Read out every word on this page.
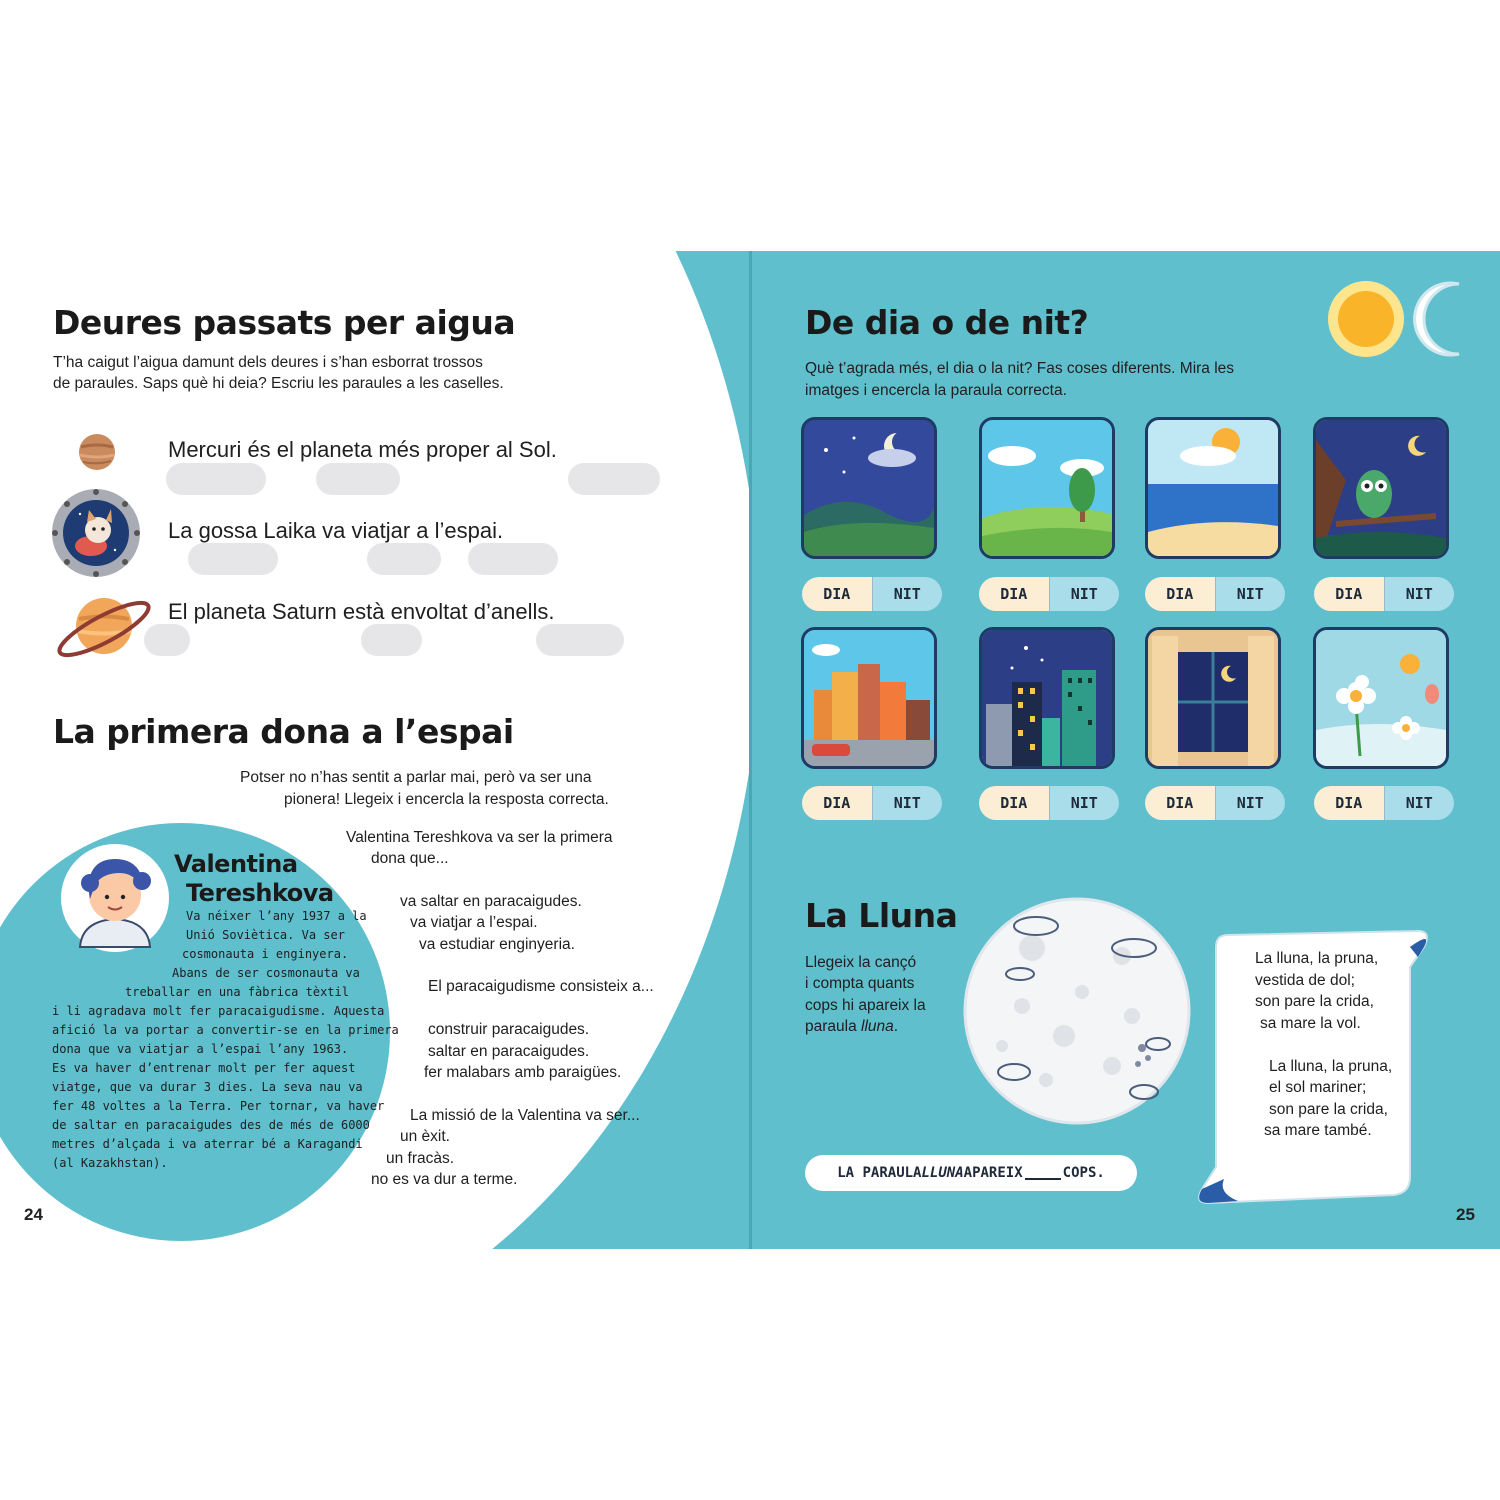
Deures passats per aigua
T’ha caigut l’aigua damunt dels deures i s’han esborrat trossos
de paraules. Saps què hi deia? Escriu les paraules a les caselles.
Mercuri és el planeta més proper al Sol.
La gossa Laika va viatjar a l’espai.
El planeta Saturn està envoltat d’anells.
La primera dona a l’espai
Potser no n’has sentit a parlar mai, però va ser una
pionera! Llegeix i encercla la resposta correcta.
Valentina
Tereshkova
Va néixer l’any 1937 a la
Unió Soviètica. Va ser
cosmonauta i enginyera.
Abans de ser cosmonauta va
treballar en una fàbrica tèxtil
i li agradava molt fer paracaigudisme. Aquesta
afició la va portar a convertir-se en la primera
dona que va viatjar a l’espai l’any 1963.
Es va haver d’entrenar molt per fer aquest
viatge, que va durar 3 dies. La seva nau va
fer 48 voltes a la Terra. Per tornar, va haver
de saltar en paracaigudes des de més de 6000
metres d’alçada i va aterrar bé a Karagandi
(al Kazakhstan).
Valentina Tereshkova va ser la primera
dona que...
va saltar en paracaigudes.
va viatjar a l’espai.
va estudiar enginyeria.
El paracaigudisme consisteix a...
construir paracaigudes.
saltar en paracaigudes.
fer malabars amb paraigües.
La missió de la Valentina va ser...
un èxit.
un fracàs.
no es va dur a terme.
24
De dia o de nit?
Què t’agrada més, el dia o la nit? Fas coses diferents. Mira les
imatges i encercla la paraula correcta.
DIA	NIT	DIA	NIT	DIA	NIT	DIA	NIT
DIA	NIT	DIA	NIT	DIA	NIT	DIA	NIT
La Lluna
Llegeix la cançó
i compta quants
cops hi apareix la
paraula lluna.
La lluna, la pruna,
vestida de dol;
son pare la crida,
sa mare la vol.
La lluna, la pruna,
el sol mariner;
son pare la crida,
sa mare també.
LA PARAULA LLUNA APAREIX	COPS.
25
